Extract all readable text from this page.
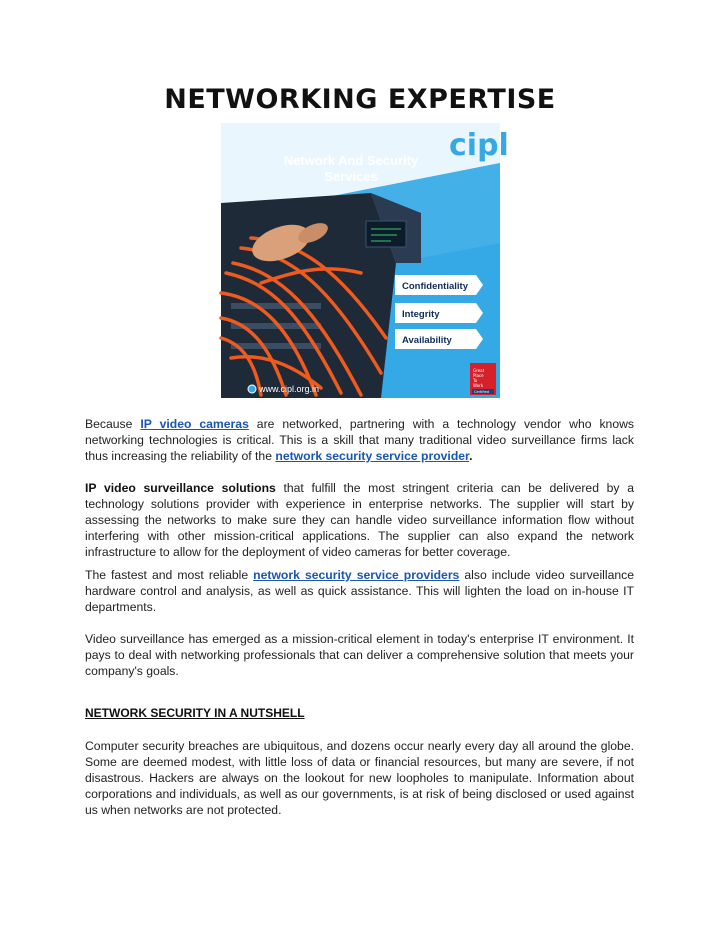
NETWORKING EXPERTISE
cipl
Network And Security
Services
Confidentiality
Integrity
Availability
Great
Place
To
Work
Certified
www.cipl.org.in
Because IP video cameras are networked, partnering with a technology vendor who knows networking technologies is critical. This is a skill that many traditional video surveillance firms lack thus increasing the reliability of the network security service provider.
IP video surveillance solutions that fulfill the most stringent criteria can be delivered by a technology solutions provider with experience in enterprise networks. The supplier will start by assessing the networks to make sure they can handle video surveillance information flow without interfering with other mission-critical applications. The supplier can also expand the network infrastructure to allow for the deployment of video cameras for better coverage.
The fastest and most reliable network security service providers also include video surveillance hardware control and analysis, as well as quick assistance. This will lighten the load on in-house IT departments.
Video surveillance has emerged as a mission-critical element in today's enterprise IT environment. It pays to deal with networking professionals that can deliver a comprehensive solution that meets your company's goals.
NETWORK SECURITY IN A NUTSHELL
Computer security breaches are ubiquitous, and dozens occur nearly every day all around the globe. Some are deemed modest, with little loss of data or financial resources, but many are severe, if not disastrous. Hackers are always on the lookout for new loopholes to manipulate. Information about corporations and individuals, as well as our governments, is at risk of being disclosed or used against us when networks are not protected.
